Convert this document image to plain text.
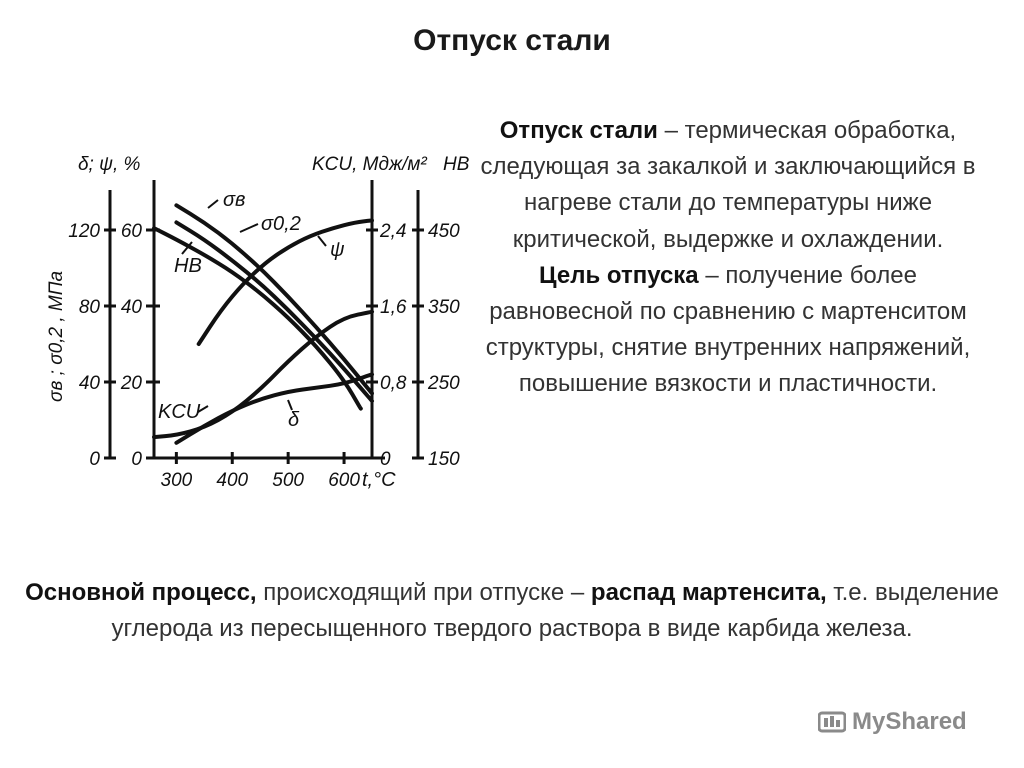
Отпуск стали
δ; ψ, %	KCU, Мдж/м² HB
σв ; σ0,2 , МПа
t,°C
0
20
40
60
0
40
80
120
0
0,8
1,6
2,4
150
250
350
450
300 400 500 600
σв
σ0,2
HB
ψ
KCU	δ
Отпуск стали – термическая обработка, следующая за закалкой и заключающийся в нагреве стали до температуры ниже критической, выдержке и охлаждении.
Цель отпуска – получение более равновесной по сравнению с мартенситом структуры, снятие внутренних напряжений, повышение вязкости и пластичности.
Основной процесс, происходящий при отпуске – распад мартенсита, т.е. выделение углерода из пересыщенного твердого раствора в виде карбида железа.
MyShared
